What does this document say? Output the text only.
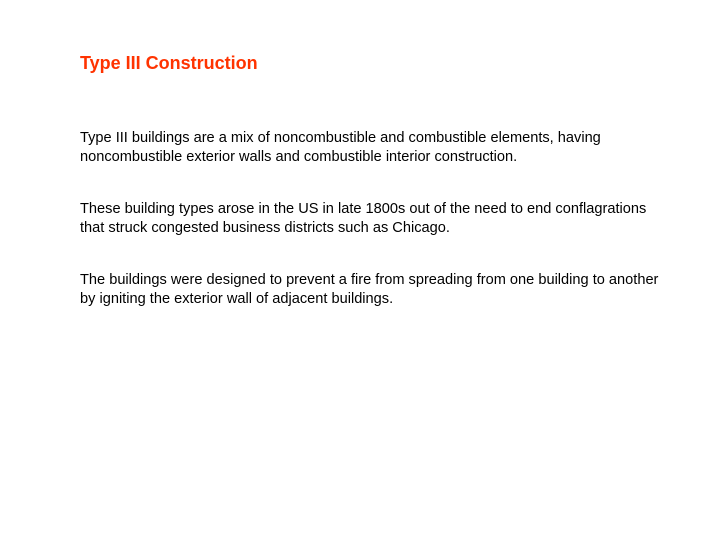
Type III Construction
Type III buildings are a mix of noncombustible and combustible elements, having noncombustible exterior walls and combustible interior construction.
These building types arose in the US in late 1800s out of the need to end conflagrations that struck congested business districts such as Chicago.
The buildings were designed to prevent a fire from spreading from one building to another by igniting the exterior wall of adjacent buildings.
